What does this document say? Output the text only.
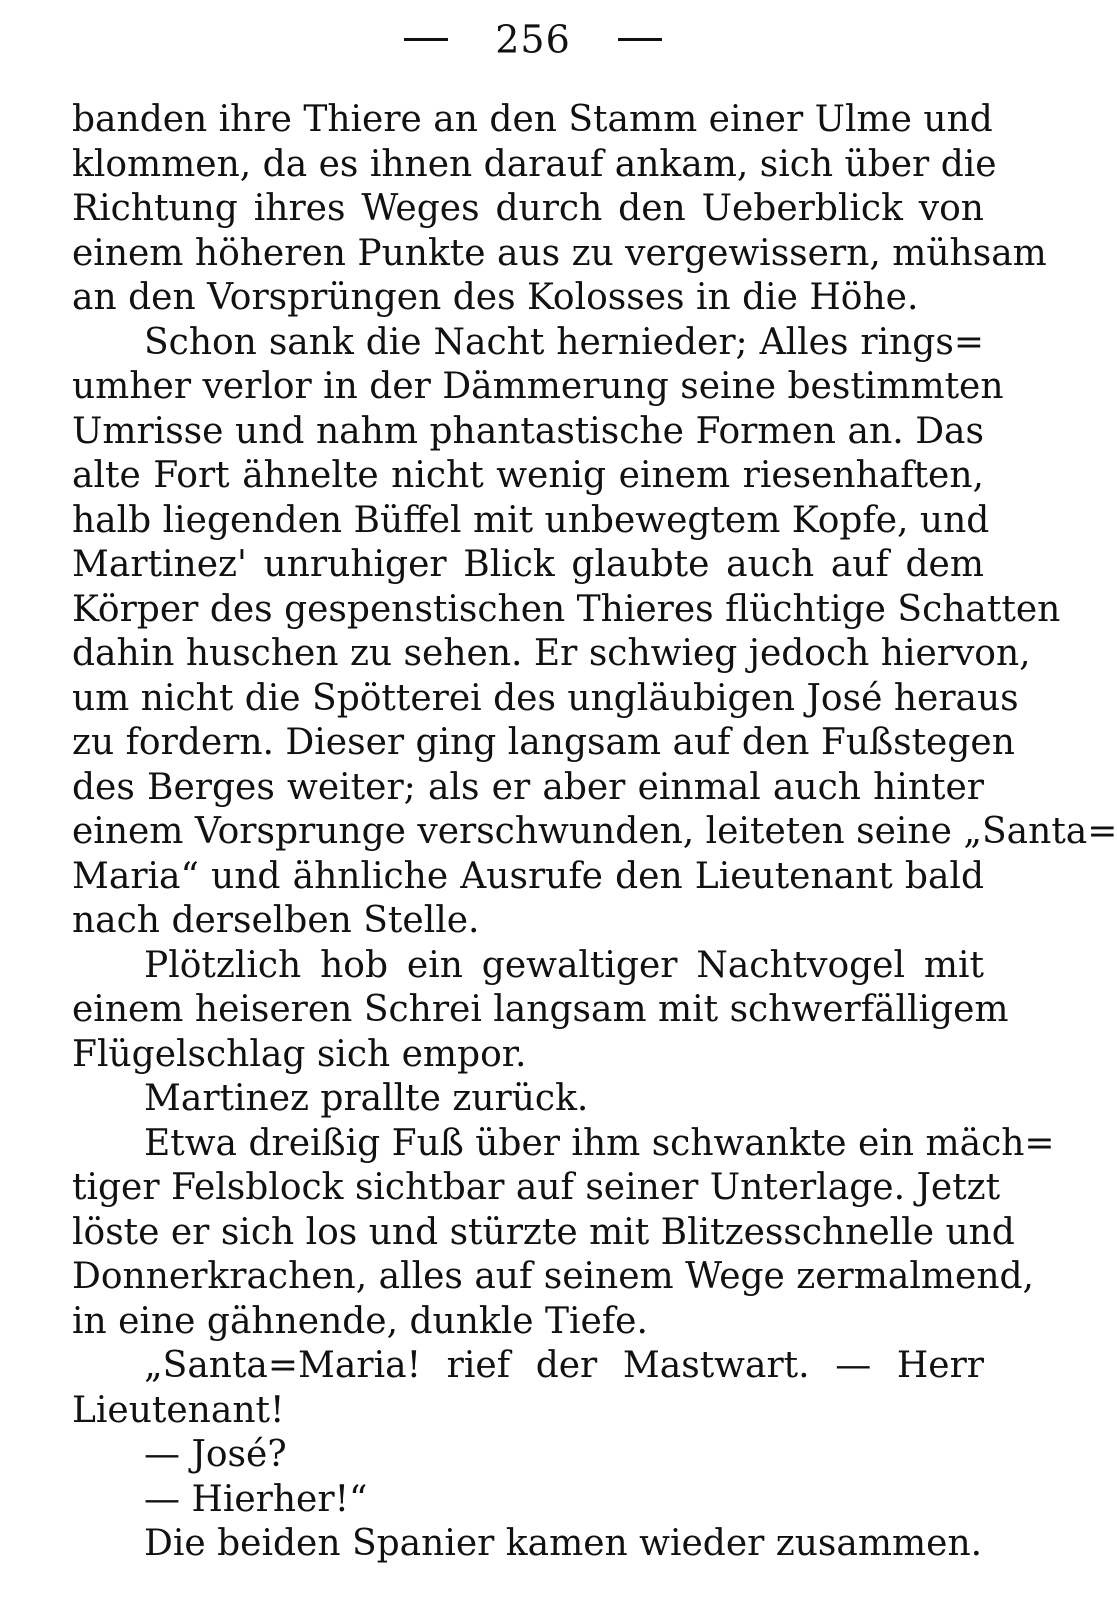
256
banden ihre Thiere an den Stamm einer Ulme und
klommen, da es ihnen darauf ankam, sich über die
Richtung ihres Weges durch den Ueberblick von
einem höheren Punkte aus zu vergewissern, mühsam
an den Vorsprüngen des Kolosses in die Höhe.
Schon sank die Nacht hernieder; Alles rings=
umher verlor in der Dämmerung seine bestimmten
Umrisse und nahm phantastische Formen an. Das
alte Fort ähnelte nicht wenig einem riesenhaften,
halb liegenden Büffel mit unbewegtem Kopfe, und
Martinez' unruhiger Blick glaubte auch auf dem
Körper des gespenstischen Thieres flüchtige Schatten
dahin huschen zu sehen. Er schwieg jedoch hiervon,
um nicht die Spötterei des ungläubigen José heraus
zu fordern. Dieser ging langsam auf den Fußstegen
des Berges weiter; als er aber einmal auch hinter
einem Vorsprunge verschwunden, leiteten seine „Santa=
Maria“ und ähnliche Ausrufe den Lieutenant bald
nach derselben Stelle.
Plötzlich hob ein gewaltiger Nachtvogel mit
einem heiseren Schrei langsam mit schwerfälligem
Flügelschlag sich empor.
Martinez prallte zurück.
Etwa dreißig Fuß über ihm schwankte ein mäch=
tiger Felsblock sichtbar auf seiner Unterlage. Jetzt
löste er sich los und stürzte mit Blitzesschnelle und
Donnerkrachen, alles auf seinem Wege zermalmend,
in eine gähnende, dunkle Tiefe.
„Santa=Maria! rief der Mastwart. — Herr
Lieutenant!
— José?
— Hierher!“
Die beiden Spanier kamen wieder zusammen.
